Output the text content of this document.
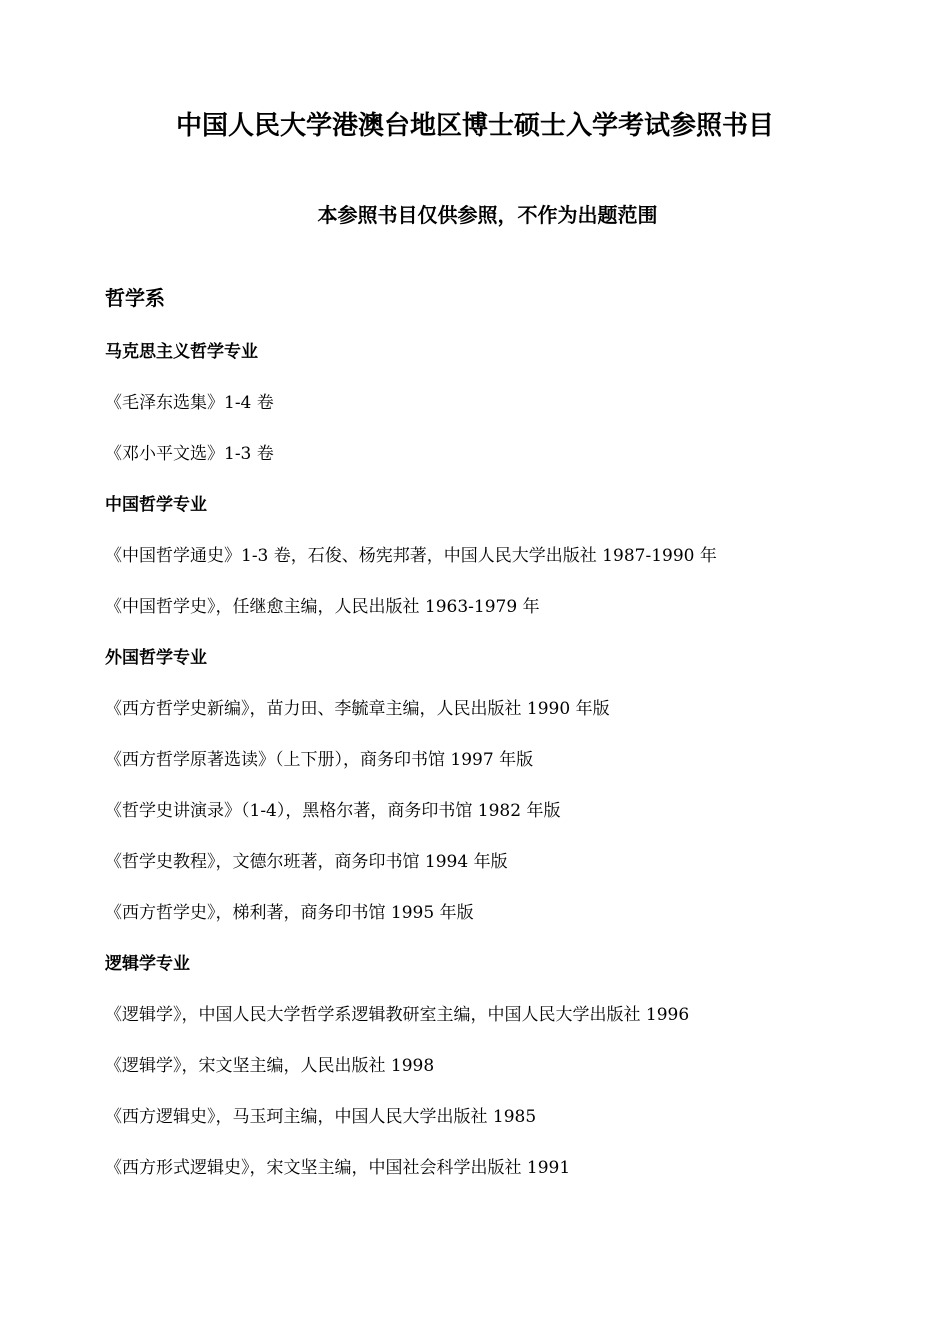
中国人民大学港澳台地区博士硕士入学考试参照书目
本参照书目仅供参照，不作为出题范围
哲学系
马克思主义哲学专业
《毛泽东选集》1-4 卷
《邓小平文选》1-3 卷
中国哲学专业
《中国哲学通史》1-3 卷，石俊、杨宪邦著，中国人民大学出版社 1987-1990 年
《中国哲学史》，任继愈主编，人民出版社 1963-1979 年
外国哲学专业
《西方哲学史新编》，苗力田、李毓章主编，人民出版社 1990 年版
《西方哲学原著选读》（上下册），商务印书馆 1997 年版
《哲学史讲演录》（1-4），黑格尔著，商务印书馆 1982 年版
《哲学史教程》，文德尔班著，商务印书馆 1994 年版
《西方哲学史》，梯利著，商务印书馆 1995 年版
逻辑学专业
《逻辑学》，中国人民大学哲学系逻辑教研室主编，中国人民大学出版社 1996
《逻辑学》，宋文坚主编，人民出版社 1998
《西方逻辑史》，马玉珂主编，中国人民大学出版社 1985
《西方形式逻辑史》，宋文坚主编，中国社会科学出版社 1991
